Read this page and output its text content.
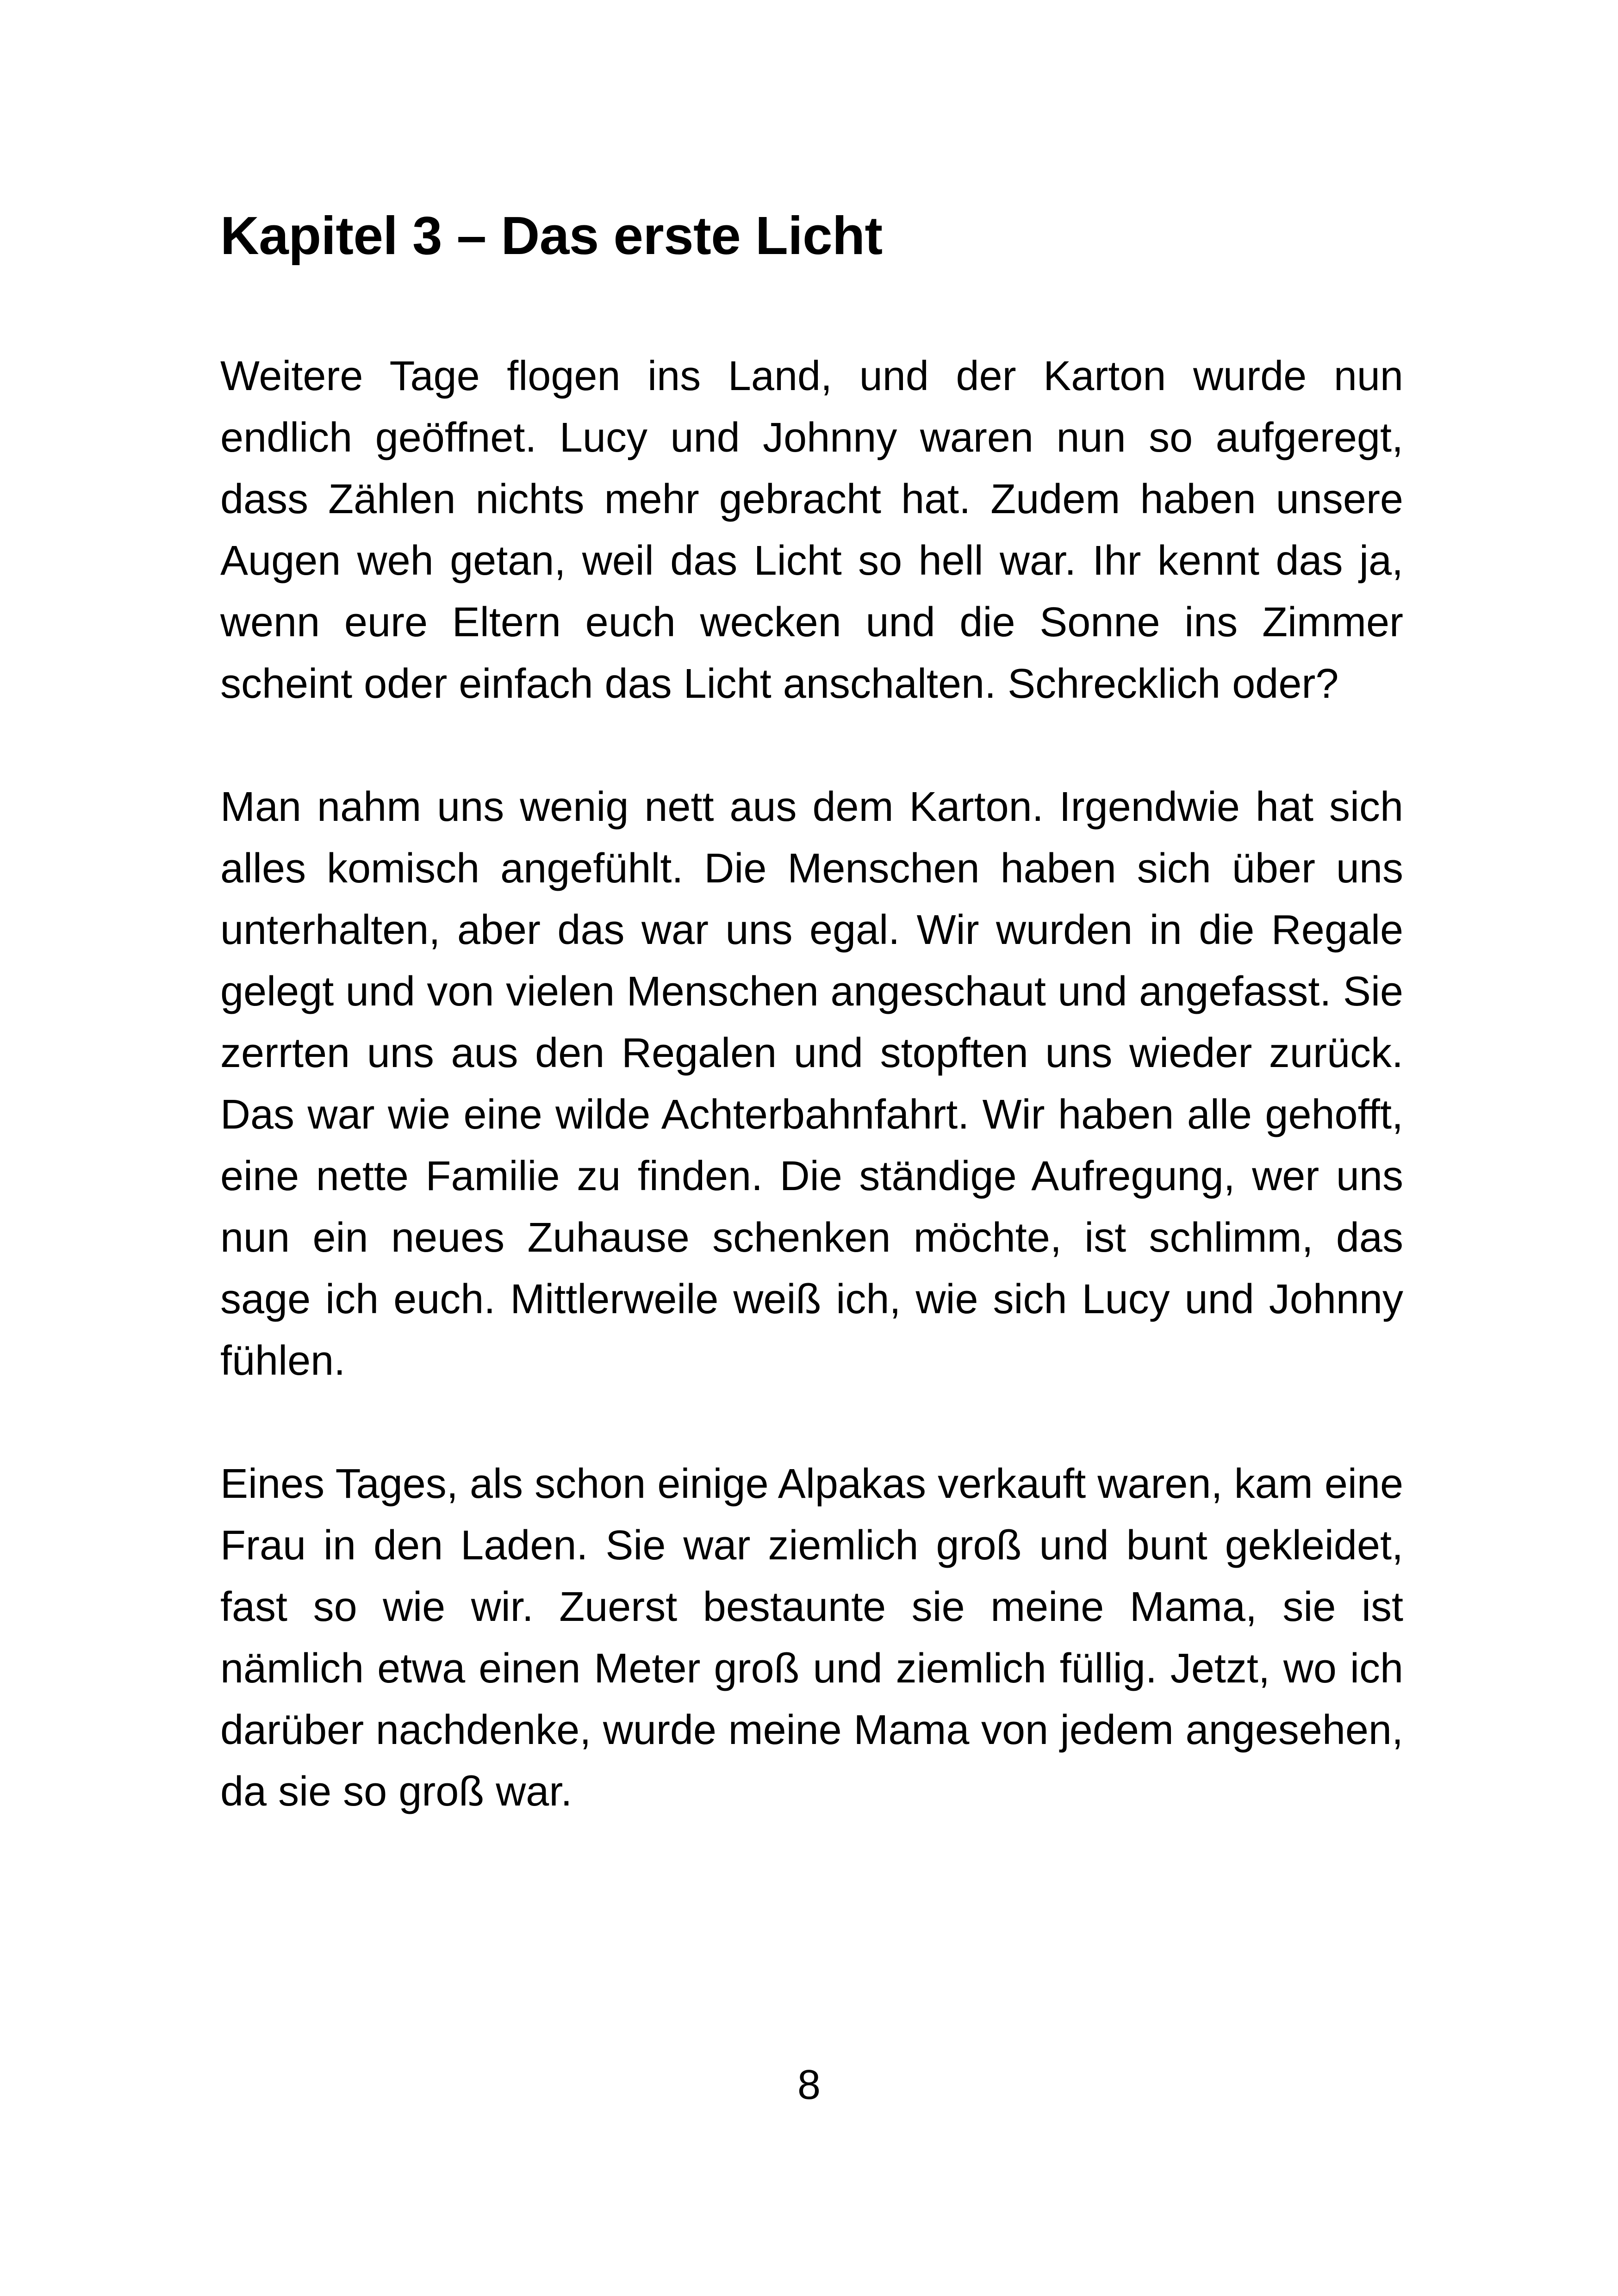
Kapitel 3 – Das erste Licht

Weitere Tage flogen ins Land, und der Karton wurde nun endlich geöffnet. Lucy und Johnny waren nun so aufgeregt, dass Zählen nichts mehr gebracht hat. Zudem haben unsere Augen weh getan, weil das Licht so hell war. Ihr kennt das ja, wenn eure Eltern euch wecken und die Sonne ins Zimmer scheint oder einfach das Licht anschalten. Schrecklich oder?

Man nahm uns wenig nett aus dem Karton. Irgendwie hat sich alles komisch angefühlt. Die Menschen haben sich über uns unterhalten, aber das war uns egal. Wir wurden in die Regale gelegt und von vielen Menschen angeschaut und angefasst. Sie zerrten uns aus den Regalen und stopften uns wieder zurück. Das war wie eine wilde Achterbahnfahrt. Wir haben alle gehofft, eine nette Familie zu finden. Die ständige Aufregung, wer uns nun ein neues Zuhause schenken möchte, ist schlimm, das sage ich euch. Mittlerweile weiß ich, wie sich Lucy und Johnny fühlen.

Eines Tages, als schon einige Alpakas verkauft waren, kam eine Frau in den Laden. Sie war ziemlich groß und bunt gekleidet, fast so wie wir. Zuerst bestaunte sie meine Mama, sie ist nämlich etwa einen Meter groß und ziemlich füllig. Jetzt, wo ich darüber nachdenke, wurde meine Mama von jedem angesehen, da sie so groß war.

8
